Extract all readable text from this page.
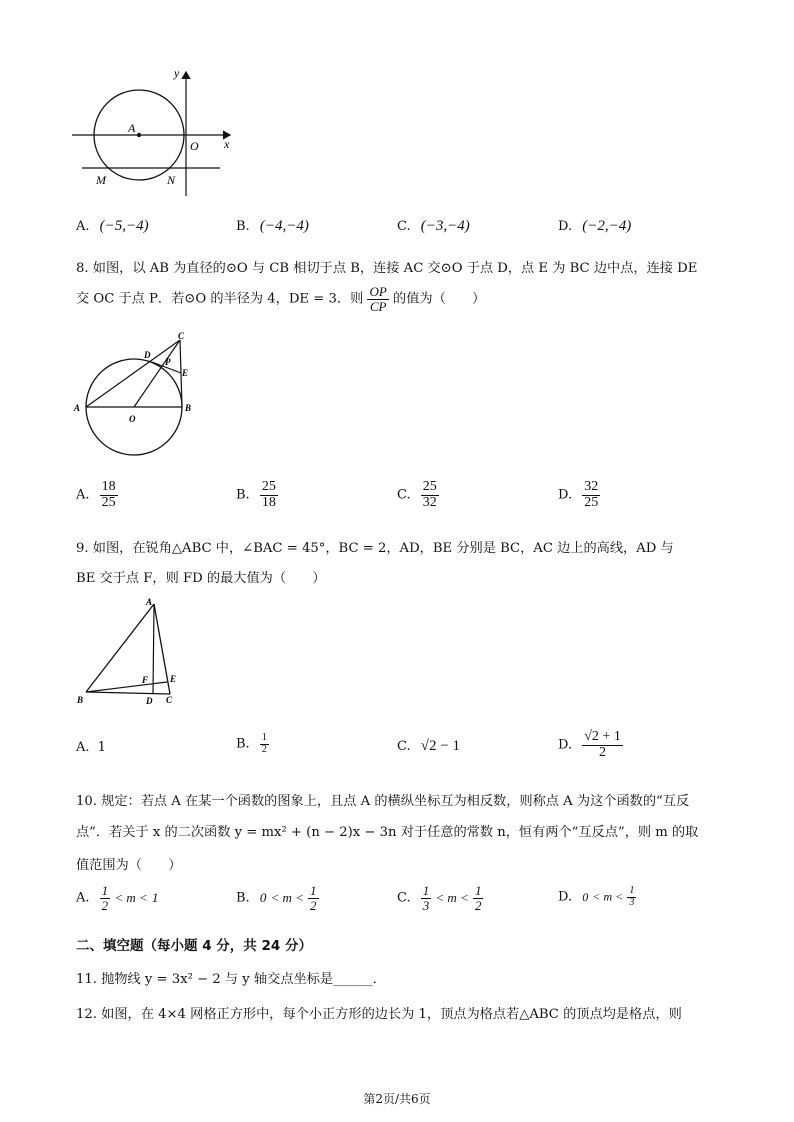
y
x
A
O
M	N
A. (−5,−4)	B. (−4,−4)	C. (−3,−4)	D. (−2,−4)
8. 如图，以 AB 为直径的⊙O 与 CB 相切于点 B，连接 AC 交⊙O 于点 D，点 E 为 BC 边中点，连接 DE
交 OC 于点 P．若⊙O 的半径为 4，DE = 3．则 $\frac{OP}{CP}$ 的值为（　　）
A
O
B
C
D
P
E
A. $\frac{18}{25}$	B. $\frac{25}{18}$	C. $\frac{25}{32}$	D. $\frac{32}{25}$
9. 如图，在锐角△ABC 中，∠BAC = 45°，BC = 2，AD，BE 分别是 BC，AC 边上的高线，AD 与
BE 交于点 F，则 FD 的最大值为（　　）
A
B	C
D
E
F
A. 1	B. $\frac{1}{2}$	C. √2 − 1	D. $\frac{√2 + 1}{2}$
10. 规定：若点 A 在某一个函数的图象上，且点 A 的横纵坐标互为相反数，则称点 A 为这个函数的“互反
点”．若关于 x 的二次函数 y = mx² + (n − 2)x − 3n 对于任意的常数 n，恒有两个“互反点”，则 m 的取
值范围为（　　）
A. $\frac{1}{2} < m < 1$	B. $0 < m < \frac{1}{2}$	C. $\frac{1}{3} < m < \frac{1}{2}$	D. $0 < m < \frac{1}{3}$
二、填空题（每小题 4 分，共 24 分）
11. 抛物线 y = 3x² − 2 与 y 轴交点坐标是______．
12. 如图，在 4×4 网格正方形中，每个小正方形的边长为 1，顶点为格点若△ABC 的顶点均是格点，则
第2页/共6页
